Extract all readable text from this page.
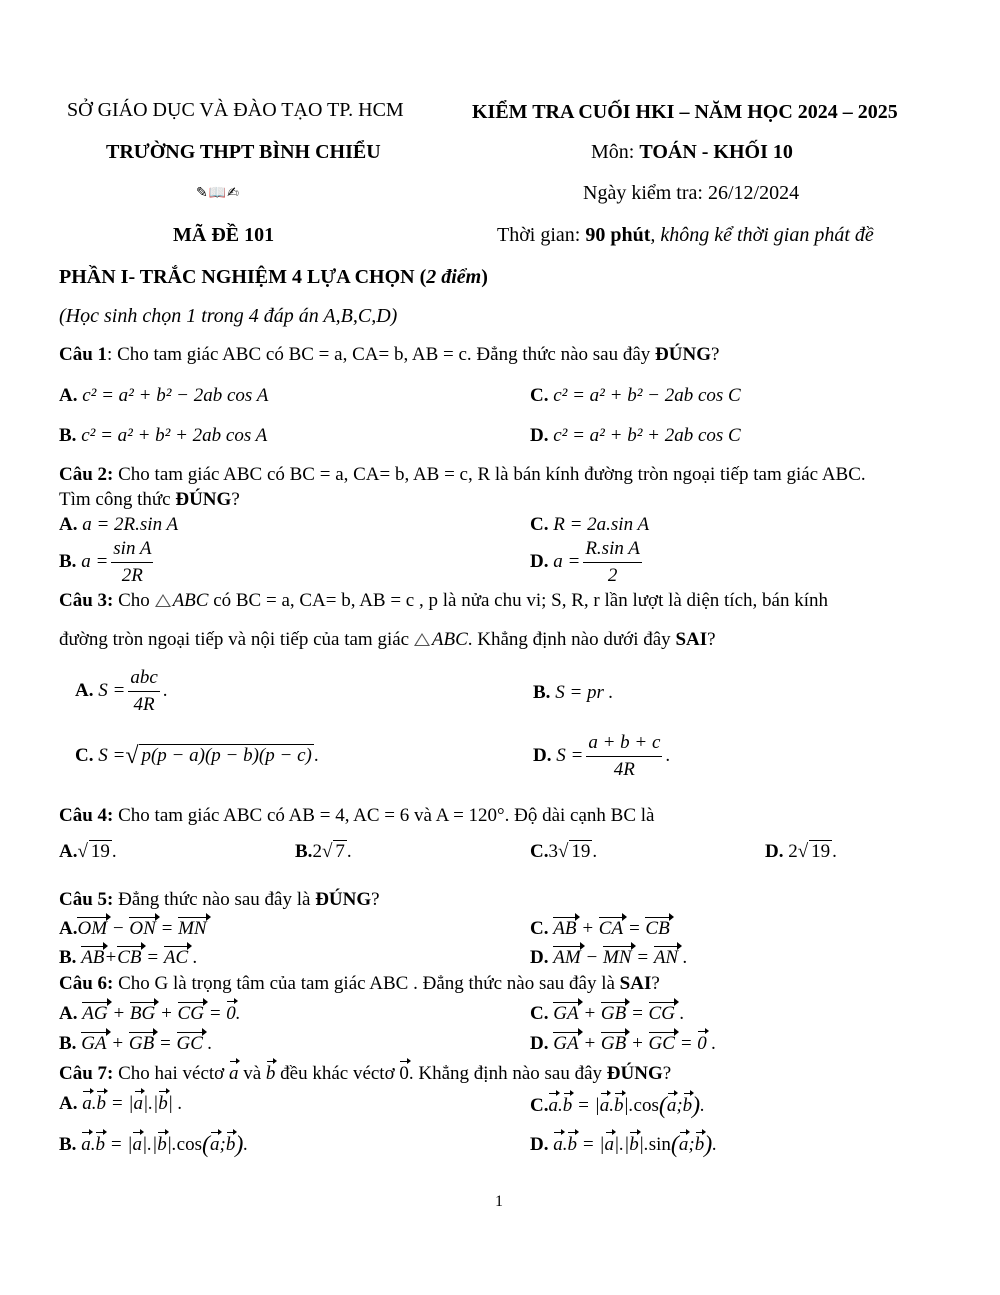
SỞ GIÁO DỤC VÀ ĐÀO TẠO TP. HCM	KIỂM TRA CUỐI HKI – NĂM HỌC 2024 – 2025
TRƯỜNG THPT BÌNH CHIỂU	Môn: TOÁN - KHỐI 10
✎📖✍	Ngày kiểm tra: 26/12/2024
MÃ ĐỀ 101	Thời gian: 90 phút, không kể thời gian phát đề
PHẦN I- TRẮC NGHIỆM 4 LỰA CHỌN (2 điểm)
(Học sinh chọn 1 trong 4 đáp án A,B,C,D)
Câu 1: Cho tam giác ABC có BC = a, CA= b, AB = c. Đẳng thức nào sau đây ĐÚNG?
A. c² = a² + b² − 2ab cos A	C. c² = a² + b² − 2ab cos C
B. c² = a² + b² + 2ab cos A	D. c² = a² + b² + 2ab cos C
Câu 2: Cho tam giác ABC có BC = a, CA= b, AB = c, R là bán kính đường tròn ngoại tiếp tam giác ABC.
Tìm công thức ĐÚNG?
A. a = 2R.sin A	C. R = 2a.sin A
B. $a = \frac{\text{sin A}}{2R}$	D. $a = \frac{\text{R.sin A}}{2}$
Câu 3: Cho ABC có BC = a, CA= b, AB = c , p là nửa chu vi; S, R, r lần lượt là diện tích, bán kính
đường tròn ngoại tiếp và nội tiếp của tam giác ABC. Khẳng định nào dưới đây SAI?
A. $S = \frac{\text{abc}}{4R}$ .	B. S = pr .
C. S =√ p(p − a)(p − b)(p − c) .	D. $S = \frac{a + b + c}{4R}$ .
Câu 4: Cho tam giác ABC có AB = 4, AC = 6 và A = 120°. Độ dài cạnh BC là
A.√ 19 .	B.2√ 7 .	C.3√ 19 .	D. 2√ 19 .
Câu 5: Đẳng thức nào sau đây là ĐÚNG?
A.OM − ON = MN	C. AB + CA = CB
B. AB+CB = AC .	D. AM − MN = AN .
Câu 6: Cho G là trọng tâm của tam giác ABC . Đẳng thức nào sau đây là SAI?
A. AG + BG + CG = 0.	C. GA + GB = CG .
B. GA + GB = GC .	D. GA + GB + GC = 0 .
Câu 7: Cho hai véctơ a và b đều khác véctơ 0. Khẳng định nào sau đây ĐÚNG?
A. a.b = |a|.|b| .	C.a.b = |a.b|.cos(a;b).
B. a.b = |a|.|b|.cos(a;b).	D. a.b = |a|.|b|.sin(a;b).
1
